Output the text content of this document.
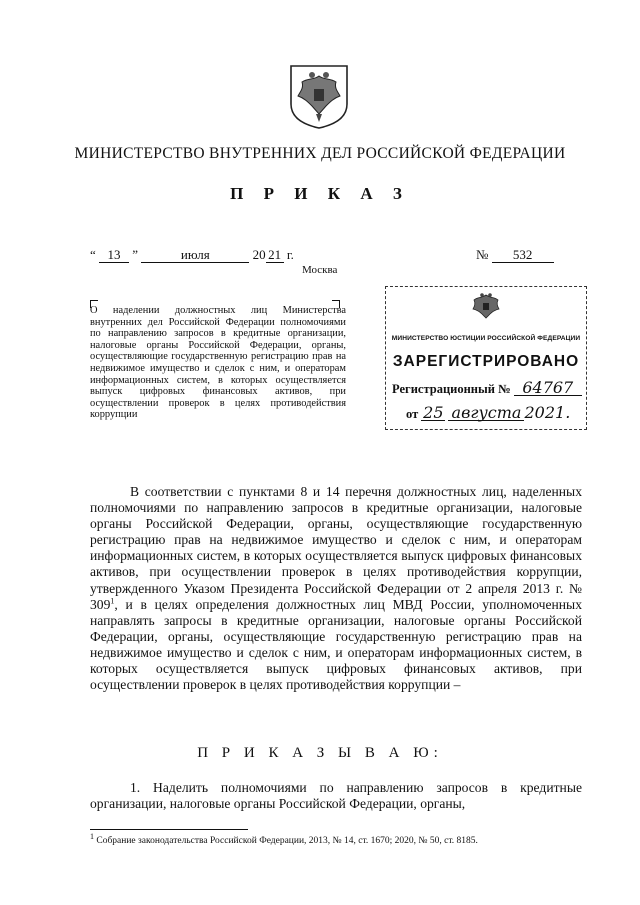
МИНИСТЕРСТВО ВНУТРЕННИХ ДЕЛ РОССИЙСКОЙ ФЕДЕРАЦИИ
П Р И К А З
“ 13 ”	июля	20 21 г.	№ 532
Москва
О наделении должностных лиц Министерства внутренних дел Российской Федерации полномочиями по направлению запросов в кредитные организации, налоговые органы Российской Федерации, органы, осуществляющие государственную регистрацию прав на недвижимое имущество и сделок с ним, и операторам информационных систем, в которых осуществляется выпуск цифровых финансовых активов, при осуществлении проверок в целях противодействия коррупции
МИНИСТЕРСТВО ЮСТИЦИИ РОССИЙСКОЙ ФЕДЕРАЦИИ
ЗАРЕГИСТРИРОВАНО
Регистрационный № 64767
от 25 августа 2021.
В соответствии с пунктами 8 и 14 перечня должностных лиц, наделенных полномочиями по направлению запросов в кредитные организации, налоговые органы Российской Федерации, органы, осуществляющие государственную регистрацию прав на недвижимое имущество и сделок с ним, и операторам информационных систем, в которых осуществляется выпуск цифровых финансовых активов, при осуществлении проверок в целях противодействия коррупции, утвержденного Указом Президента Российской Федерации от 2 апреля 2013 г. № $309^1$, и в целях определения должностных лиц МВД России, уполномоченных направлять запросы в кредитные организации, налоговые органы Российской Федерации, органы, осуществляющие государственную регистрацию прав на недвижимое имущество и сделок с ним, и операторам информационных систем, в которых осуществляется выпуск цифровых финансовых активов, при осуществлении проверок в целях противодействия коррупции –
П Р И К А З Ы В А Ю:
1. Наделить полномочиями по направлению запросов в кредитные организации, налоговые органы Российской Федерации, органы,
$^1$ Собрание законодательства Российской Федерации, 2013, № 14, ст. 1670; 2020, № 50, ст. 8185.
